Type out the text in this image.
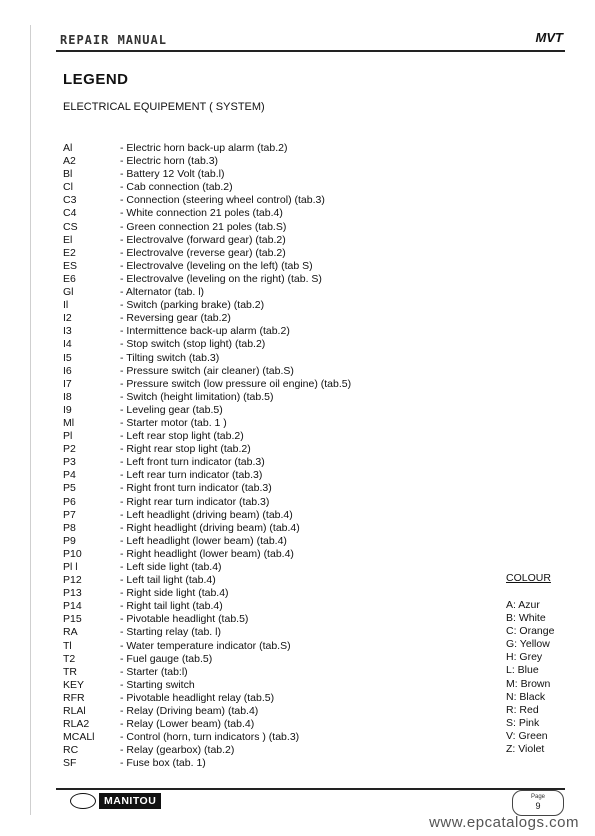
REPAIR MANUAL	MVT
LEGEND
ELECTRICAL EQUIPEMENT ( SYSTEM)
Al	- Electric horn back-up alarm (tab.2)
A2	- Electric horn (tab.3)
Bl	- Battery 12 Volt (tab.l)
Cl	- Cab connection (tab.2)
C3	- Connection (steering wheel control) (tab.3)
C4	- White connection 21 poles (tab.4)
CS	- Green connection 21 poles (tab.S)
El	- Electrovalve (forward gear) (tab.2)
E2	- Electrovalve (reverse gear) (tab.2)
ES	- Electrovalve (leveling on the left) (tab S)
E6	- Electrovalve (leveling on the right) (tab. S)
Gl	- Alternator (tab. l)
Il	- Switch (parking brake) (tab.2)
I2	- Reversing gear (tab.2)
I3	- Intermittence back-up alarm (tab.2)
I4	- Stop switch (stop light) (tab.2)
I5	- Tilting switch (tab.3)
I6	- Pressure switch (air cleaner) (tab.S)
I7	- Pressure switch (low pressure oil engine) (tab.5)
I8	- Switch (height limitation) (tab.5)
I9	- Leveling gear (tab.5)
Ml	- Starter motor (tab. 1 )
Pl	- Left rear stop light (tab.2)
P2	- Right rear stop light (tab.2)
P3	- Left front turn indicator (tab.3)
P4	- Left rear turn indicator (tab.3)
P5	- Right front turn indicator (tab.3)
P6	- Right rear turn indicator (tab.3)
P7	- Left headlight (driving beam) (tab.4)
P8	- Right headlight (driving beam) (tab.4)
P9	- Left headlight (lower beam) (tab.4)
P10	- Right headlight (lower beam) (tab.4)
Pl l	- Left side light (tab.4)
P12	- Left tail light (tab.4)
P13	- Right side light (tab.4)
P14	- Right tail light (tab.4)
P15	- Pivotable headlight (tab.5)
RA	- Starting relay (tab. l)
Tl	- Water temperature indicator (tab.S)
T2	- Fuel gauge (tab.5)
TR	- Starter (tab:l)
KEY	- Starting switch
RFR	- Pivotable headlight relay (tab.5)
RLAl	- Relay (Driving beam) (tab.4)
RLA2	- Relay (Lower beam) (tab.4)
MCALl - Control (horn, turn indicators ) (tab.3)
RC	- Relay (gearbox) (tab.2)
SF	- Fuse box (tab. 1)
COLOUR
A: Azur
B: White
C: Orange
G: Yellow
H: Grey
L: Blue
M: Brown
N: Black
R: Red
S: Pink
V: Green
Z: Violet
MANITOU	Page
9
www.epcatalogs.com
